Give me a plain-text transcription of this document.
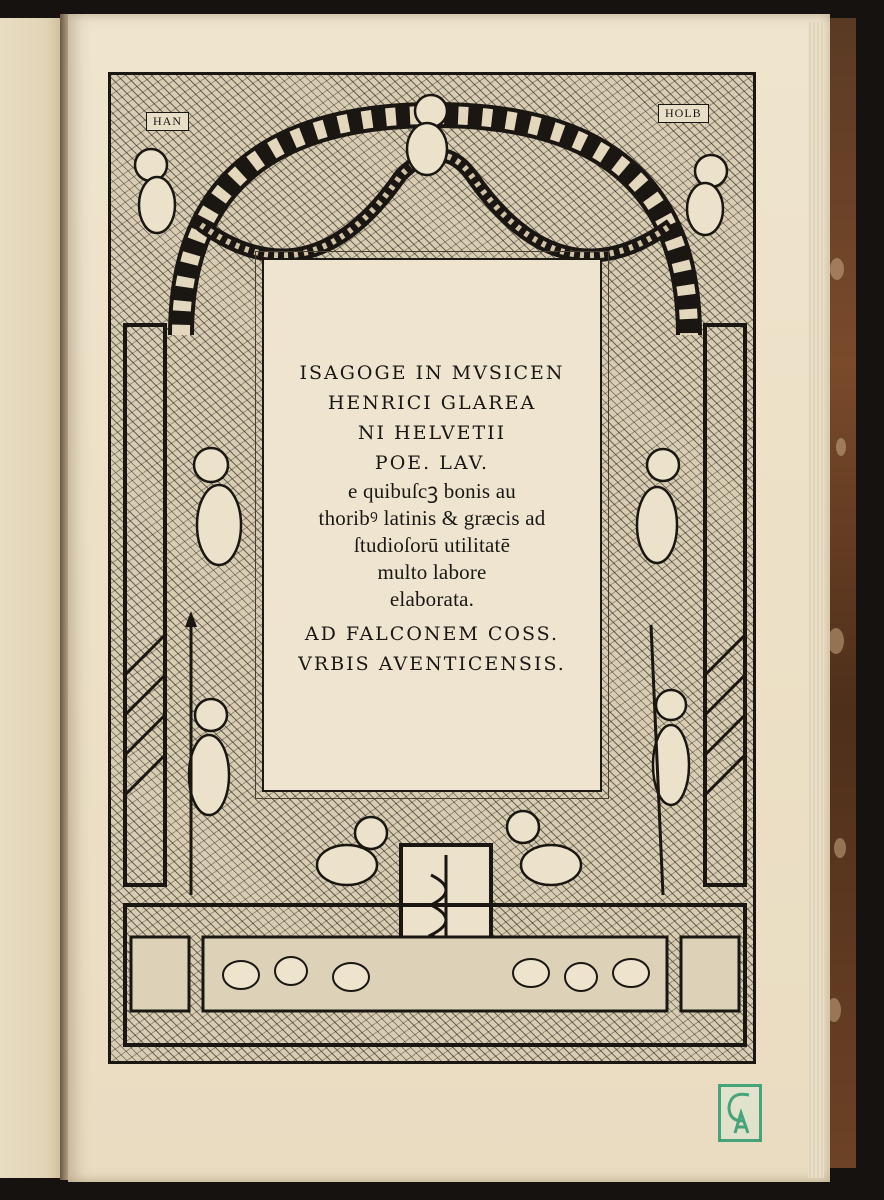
HAN
HOLB
ISAGOGE IN MVSICEN
HENRICI GLAREA
NI HELVETII
POE. LAV.
e quibuſcꝫ bonis au
thoribꝰ latinis & græcis ad
ſtudioſorū utilitatē
multo labore
elaborata.
AD FALCONEM COSS.
VRBIS AVENTICENSIS.
